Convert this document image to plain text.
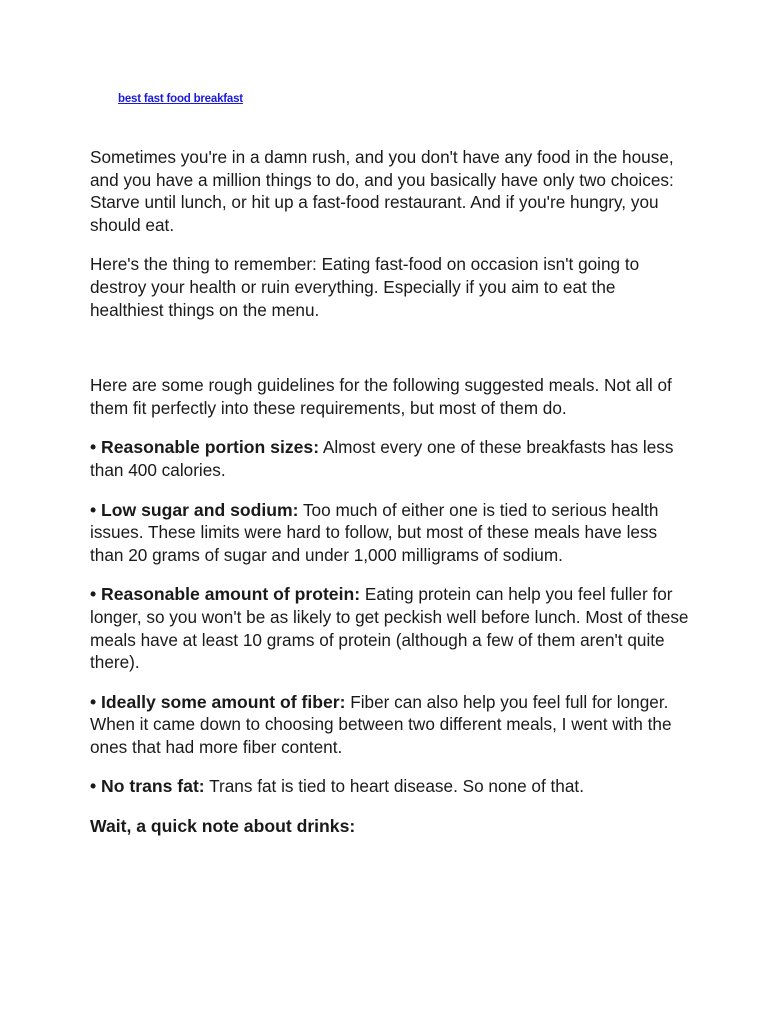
best fast food breakfast

Sometimes you're in a damn rush, and you don't have any food in the house, and you have a million things to do, and you basically have only two choices: Starve until lunch, or hit up a fast-food restaurant. And if you're hungry, you should eat.

Here's the thing to remember: Eating fast-food on occasion isn't going to destroy your health or ruin everything. Especially if you aim to eat the healthiest things on the menu.

Here are some rough guidelines for the following suggested meals. Not all of them fit perfectly into these requirements, but most of them do.

• Reasonable portion sizes: Almost every one of these breakfasts has less than 400 calories.

• Low sugar and sodium: Too much of either one is tied to serious health issues. These limits were hard to follow, but most of these meals have less than 20 grams of sugar and under 1,000 milligrams of sodium.

• Reasonable amount of protein: Eating protein can help you feel fuller for longer, so you won't be as likely to get peckish well before lunch. Most of these meals have at least 10 grams of protein (although a few of them aren't quite there).

• Ideally some amount of fiber: Fiber can also help you feel full for longer. When it came down to choosing between two different meals, I went with the ones that had more fiber content.

• No trans fat: Trans fat is tied to heart disease. So none of that.

Wait, a quick note about drinks:
